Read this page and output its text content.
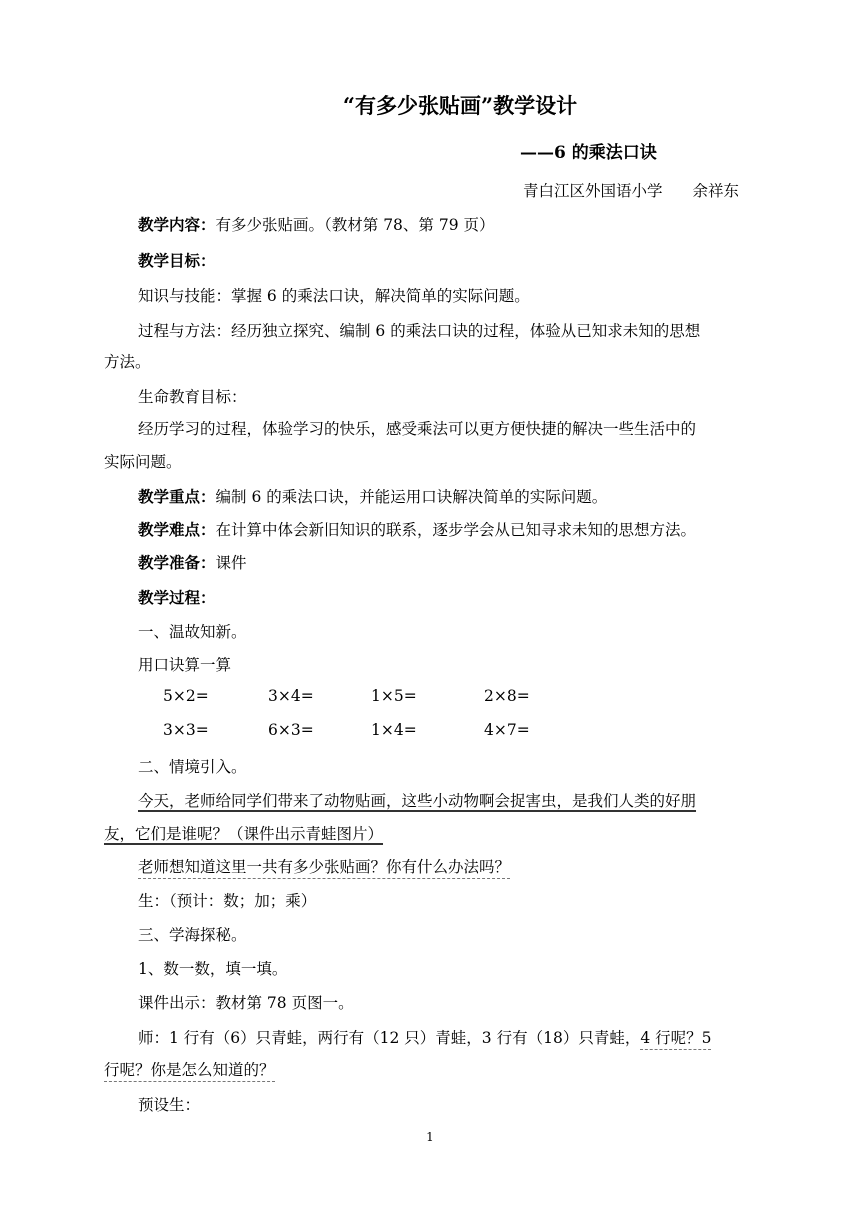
“有多少张贴画”教学设计
——6 的乘法口诀
青白江区外国语小学 余祥东
教学内容：有多少张贴画。（教材第 78、第 79 页）
教学目标：
知识与技能：掌握 6 的乘法口诀，解决简单的实际问题。
过程与方法：经历独立探究、编制 6 的乘法口诀的过程，体验从已知求未知的思想
方法。
生命教育目标：
经历学习的过程，体验学习的快乐，感受乘法可以更方便快捷的解决一些生活中的
实际问题。
教学重点：编制 6 的乘法口诀，并能运用口诀解决简单的实际问题。
教学难点：在计算中体会新旧知识的联系，逐步学会从已知寻求未知的思想方法。
教学准备：课件
教学过程：
一、温故知新。
用口诀算一算
5×2=	3×4=	1×5=	2×8=
3×3=	6×3=	1×4=	4×7=
二、情境引入。
今天，老师给同学们带来了动物贴画，这些小动物啊会捉害虫，是我们人类的好朋
友，它们是谁呢？（课件出示青蛙图片）
老师想知道这里一共有多少张贴画？你有什么办法吗？
生：（预计：数；加；乘）
三、学海探秘。
1、数一数，填一填。
课件出示：教材第 78 页图一。
师：1 行有（6）只青蛙，两行有（12 只）青蛙，3 行有（18）只青蛙，4 行呢？5
行呢？你是怎么知道的？
预设生：
1
